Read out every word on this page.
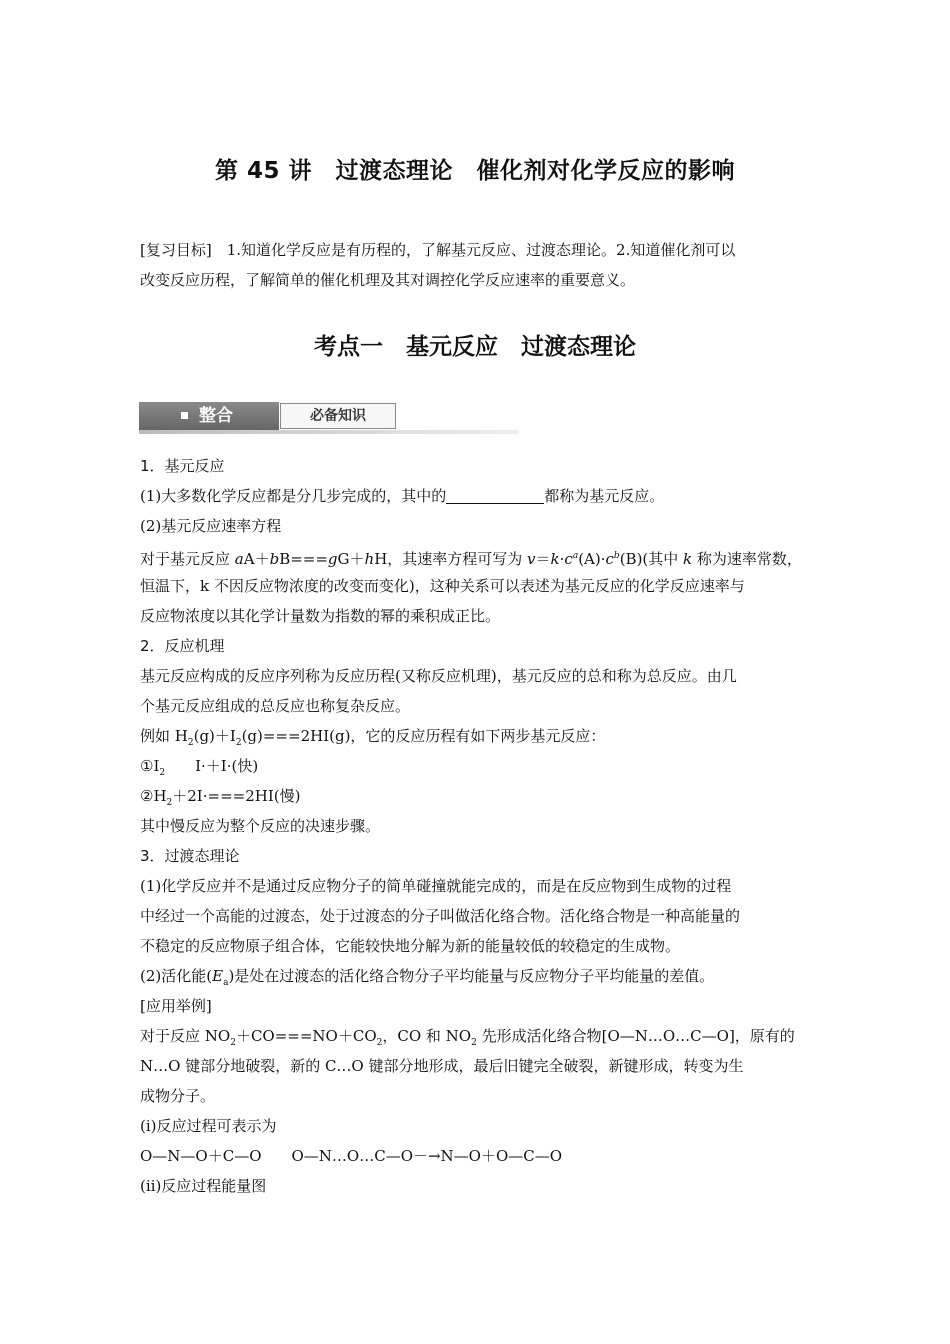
第 45 讲　过渡态理论　催化剂对化学反应的影响
[复习目标]　 1.知道化学反应是有历程的，了解基元反应、过渡态理论。2.知道催化剂可以
改变反应历程，了解简单的催化机理及其对调控化学反应速率的重要意义。
考点一　基元反应　过渡态理论
整合	必备知识
1．基元反应
(1)大多数化学反应都是分几步完成的，其中的	都称为基元反应。
(2)基元反应速率方程
对于基元反应 aA＋bB===gG＋hH，其速率方程可写为 $v=k\cdot c^a(A)\cdot c^b(B)$(其中 k 称为速率常数，
恒温下，k 不因反应物浓度的改变而变化)，这种关系可以表述为基元反应的化学反应速率与
反应物浓度以其化学计量数为指数的幂的乘积成正比。
2．反应机理
基元反应构成的反应序列称为反应历程(又称反应机理)，基元反应的总和称为总反应。由几
个基元反应组成的总反应也称复杂反应。
例如 $H_2(g)+I_2(g)===2HI(g)$，它的反应历程有如下两步基元反应：
$①I_2$　　I·＋I·(快)
$②H_2+2I\cdot===2HI$(慢)
其中慢反应为整个反应的决速步骤。
3．过渡态理论
(1)化学反应并不是通过反应物分子的简单碰撞就能完成的，而是在反应物到生成物的过程
中经过一个高能的过渡态，处于过渡态的分子叫做活化络合物。活化络合物是一种高能量的
不稳定的反应物原子组合体，它能较快地分解为新的能量较低的较稳定的生成物。
(2)活化能$(E_a)$是处在过渡态的活化络合物分子平均能量与反应物分子平均能量的差值。
[应用举例]
对于反应 $NO_2+CO===NO+CO_2$，CO 和 $NO_2$ 先形成活化络合物[O—N…O…C—O]，原有的
N…O 键部分地破裂，新的 C…O 键部分地形成，最后旧键完全破裂，新键形成，转变为生
成物分子。
(ⅰ)反应过程可表示为
O—N—O＋C—O　　O—N…O…C—O－→N—O＋O—C—O
(ⅱ)反应过程能量图
